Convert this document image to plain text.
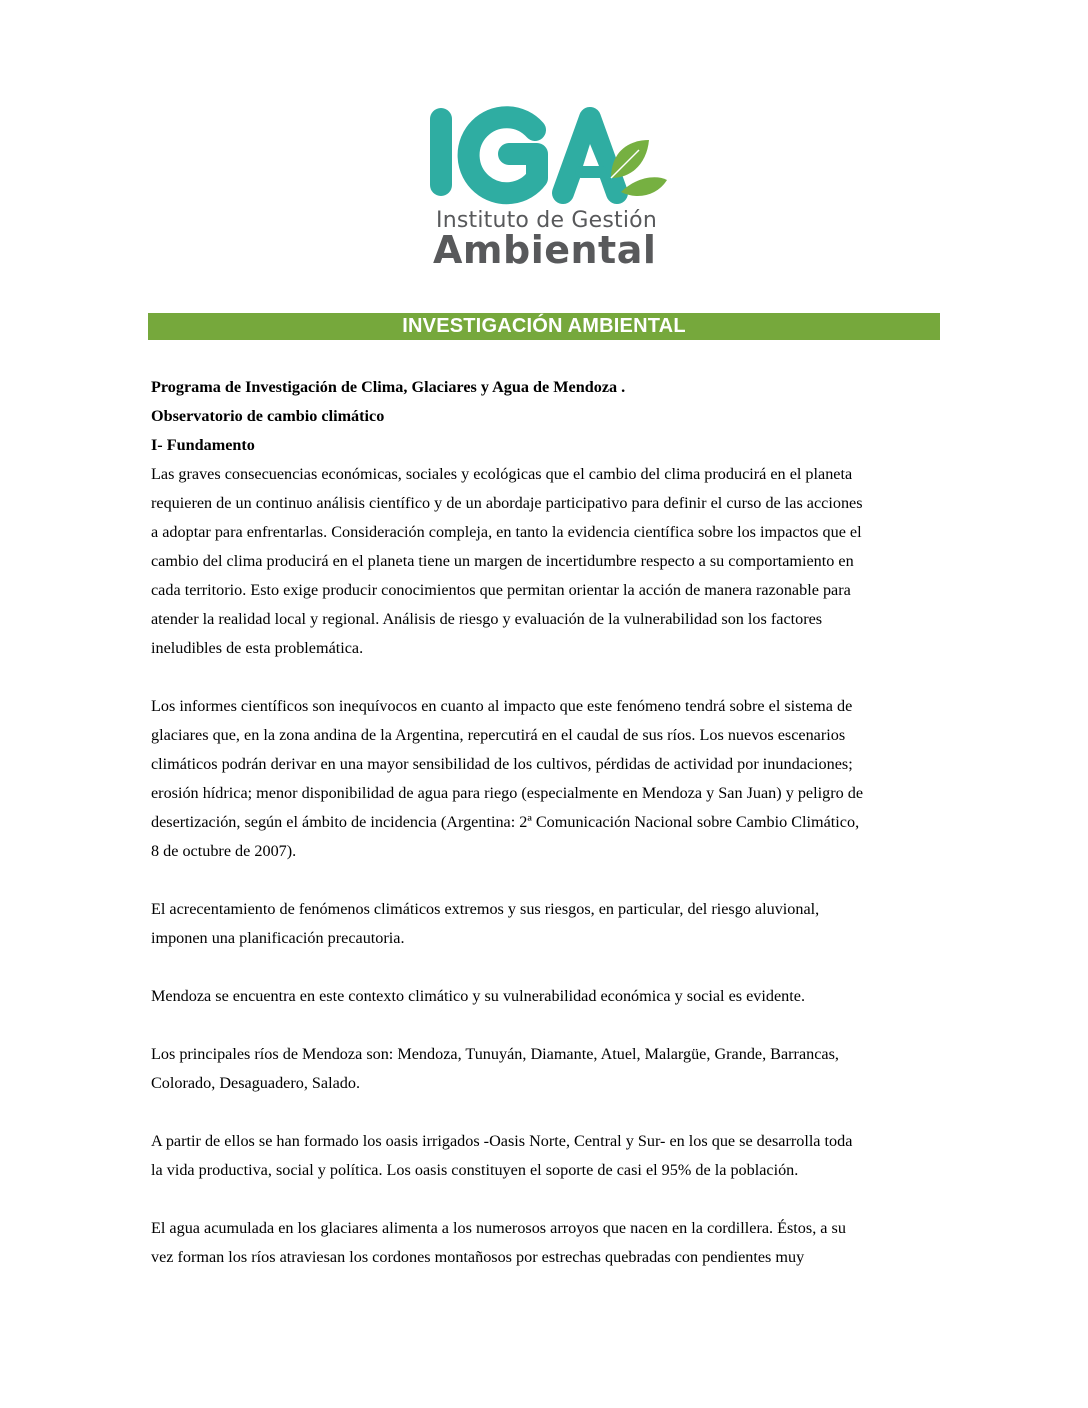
Instituto de Gestión
Ambiental
INVESTIGACIÓN AMBIENTAL

Programa de Investigación de Clima, Glaciares y Agua de Mendoza .

Observatorio de cambio climático

I- Fundamento

Las graves consecuencias económicas, sociales y ecológicas que el cambio del clima producirá en el planeta

requieren de un continuo análisis científico y de un abordaje participativo para definir el curso de las acciones

a adoptar para enfrentarlas. Consideración compleja, en tanto la evidencia científica sobre los impactos que el

cambio del clima producirá en el planeta tiene un margen de incertidumbre respecto a su comportamiento en

cada territorio. Esto exige producir conocimientos que permitan orientar la acción de manera razonable para

atender la realidad local y regional. Análisis de riesgo y evaluación de la vulnerabilidad son los factores

ineludibles de esta problemática.

Los informes científicos son inequívocos en cuanto al impacto que este fenómeno tendrá sobre el sistema de

glaciares que, en la zona andina de la Argentina, repercutirá en el caudal de sus ríos. Los nuevos escenarios

climáticos podrán derivar en una mayor sensibilidad de los cultivos, pérdidas de actividad por inundaciones;

erosión hídrica; menor disponibilidad de agua para riego (especialmente en Mendoza y San Juan) y peligro de

desertización, según el ámbito de incidencia (Argentina: 2ª Comunicación Nacional sobre Cambio Climático,

8 de octubre de 2007).

El acrecentamiento de fenómenos climáticos extremos y sus riesgos, en particular, del riesgo aluvional,

imponen una planificación precautoria.

Mendoza se encuentra en este contexto climático y su vulnerabilidad económica y social es evidente.

Los principales ríos de Mendoza son: Mendoza, Tunuyán, Diamante, Atuel, Malargüe, Grande, Barrancas,

Colorado, Desaguadero, Salado.

A partir de ellos se han formado los oasis irrigados -Oasis Norte, Central y Sur- en los que se desarrolla toda

la vida productiva, social y política. Los oasis constituyen el soporte de casi el 95% de la población.

El agua acumulada en los glaciares alimenta a los numerosos arroyos que nacen en la cordillera. Éstos, a su

vez forman los ríos atraviesan los cordones montañosos por estrechas quebradas con pendientes muy
